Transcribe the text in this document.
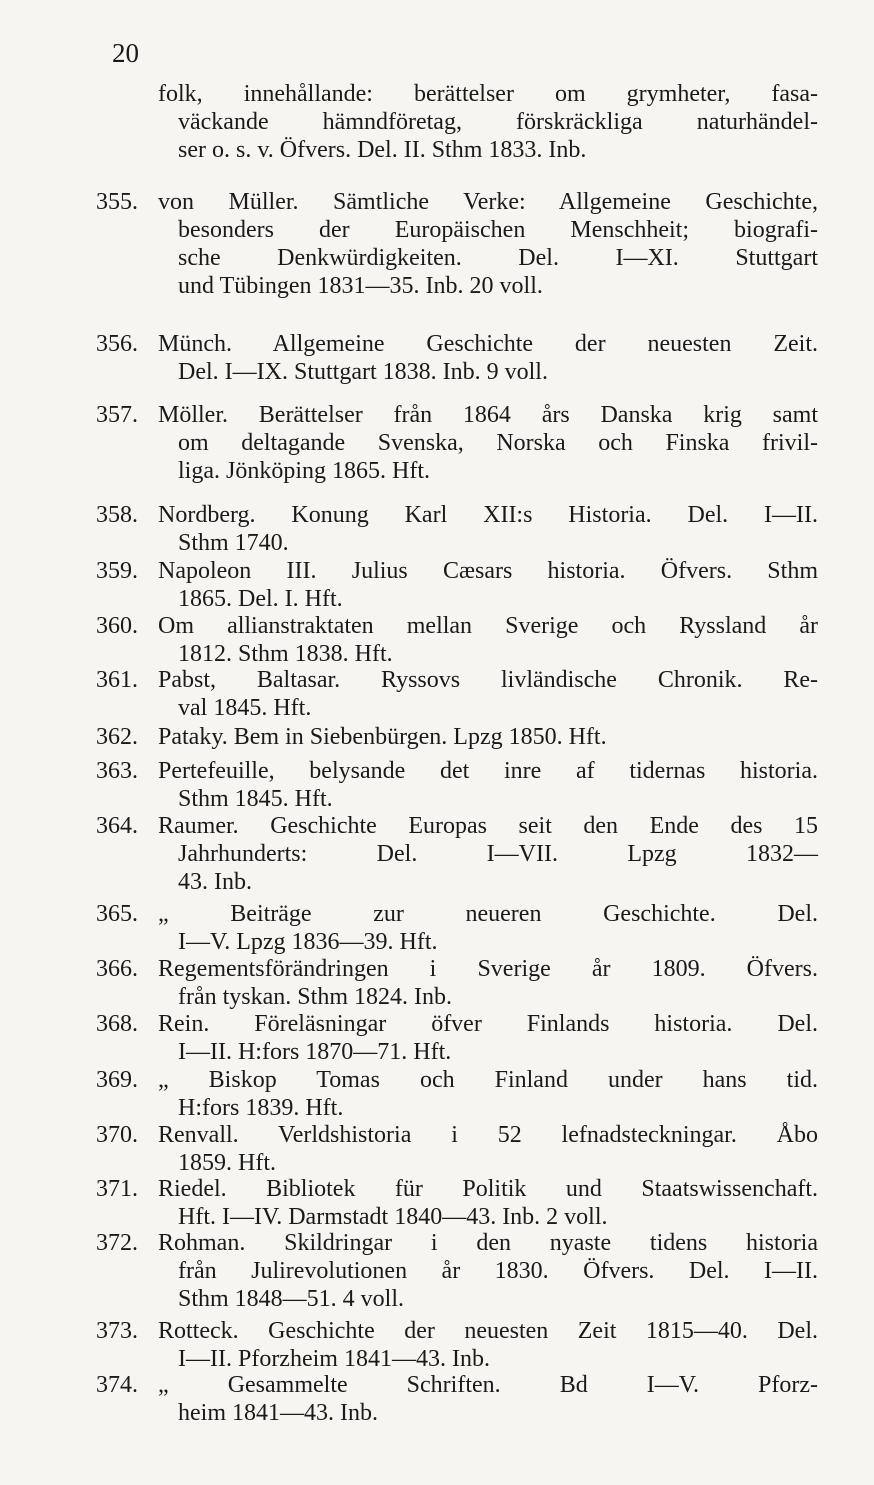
20
folk, innehållande: berättelser om grymheter, fasa-
väckande hämndföretag, förskräckliga naturhändel-
ser o. s. v. Öfvers. Del. II. Sthm 1833. Inb.
355. von Müller. Sämtliche Verke: Allgemeine Geschichte,
besonders der Europäischen Menschheit; biografi-
sche Denkwürdigkeiten. Del. I—XI. Stuttgart
und Tübingen 1831—35. Inb. 20 voll.
356. Münch. Allgemeine Geschichte der neuesten Zeit.
Del. I—IX. Stuttgart 1838. Inb. 9 voll.
357. Möller. Berättelser från 1864 års Danska krig samt
om deltagande Svenska, Norska och Finska frivil-
liga. Jönköping 1865. Hft.
358. Nordberg. Konung Karl XII:s Historia. Del. I—II.
Sthm 1740.
359. Napoleon III. Julius Cæsars historia. Öfvers. Sthm
1865. Del. I. Hft.
360. Om allianstraktaten mellan Sverige och Ryssland år
1812. Sthm 1838. Hft.
361. Pabst, Baltasar. Ryssovs livländische Chronik. Re-
val 1845. Hft.
362. Pataky. Bem in Siebenbürgen. Lpzg 1850. Hft.
363. Pertefeuille, belysande det inre af tidernas historia.
Sthm 1845. Hft.
364. Raumer. Geschichte Europas seit den Ende des 15
Jahrhunderts: Del. I—VII. Lpzg 1832—
43. Inb.
365. „ Beiträge zur neueren Geschichte. Del.
I—V. Lpzg 1836—39. Hft.
366. Regementsförändringen i Sverige år 1809. Öfvers.
från tyskan. Sthm 1824. Inb.
368. Rein. Föreläsningar öfver Finlands historia. Del.
I—II. H:fors 1870—71. Hft.
369. „ Biskop Tomas och Finland under hans tid.
H:fors 1839. Hft.
370. Renvall. Verldshistoria i 52 lefnadsteckningar. Åbo
1859. Hft.
371. Riedel. Bibliotek für Politik und Staatswissenchaft.
Hft. I—IV. Darmstadt 1840—43. Inb. 2 voll.
372. Rohman. Skildringar i den nyaste tidens historia
från Julirevolutionen år 1830. Öfvers. Del. I—II.
Sthm 1848—51. 4 voll.
373. Rotteck. Geschichte der neuesten Zeit 1815—40. Del.
I—II. Pforzheim 1841—43. Inb.
374. „ Gesammelte Schriften. Bd I—V. Pforz-
heim 1841—43. Inb.
